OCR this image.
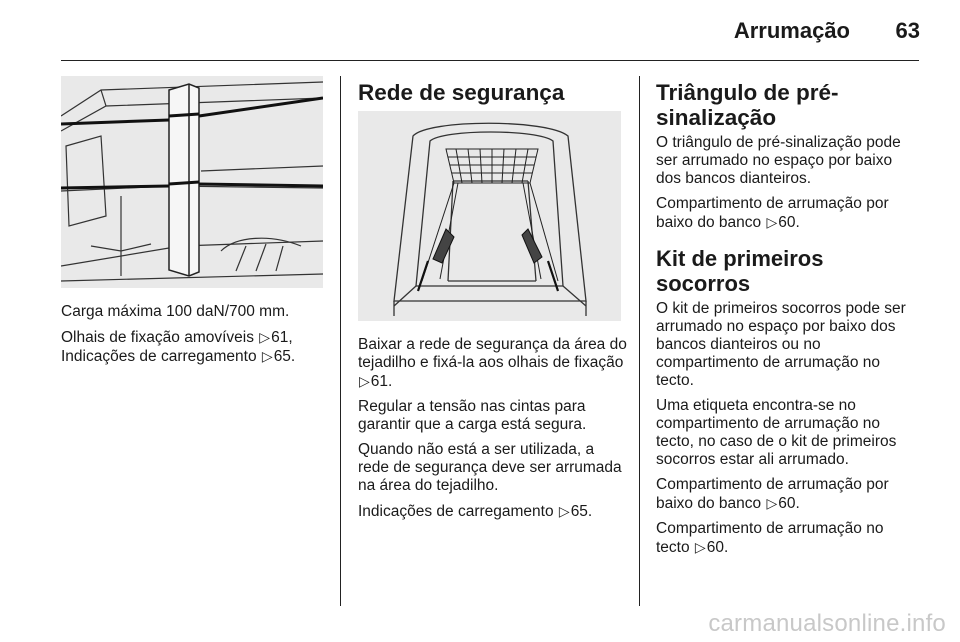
Arrumação	63

Carga máxima 100 daN/700 mm.

Olhais de fixação amovíveis ▷61,
Indicações de carregamento ▷65.

Rede de segurança

Baixar a rede de segurança da área do tejadilho e fixá-la aos olhais de fixação ▷61.

Regular a tensão nas cintas para garantir que a carga está segura.

Quando não está a ser utilizada, a rede de segurança deve ser arrumada na área do tejadilho.

Indicações de carregamento ▷65.

Triângulo de pré-sinalização

O triângulo de pré-sinalização pode ser arrumado no espaço por baixo dos bancos dianteiros.

Compartimento de arrumação por baixo do banco ▷60.

Kit de primeiros socorros

O kit de primeiros socorros pode ser arrumado no espaço por baixo dos bancos dianteiros ou no compartimento de arrumação no tecto.

Uma etiqueta encontra-se no compartimento de arrumação no tecto, no caso de o kit de primeiros socorros estar ali arrumado.

Compartimento de arrumação por baixo do banco ▷60.

Compartimento de arrumação no tecto ▷60.

carmanualsonline.info
